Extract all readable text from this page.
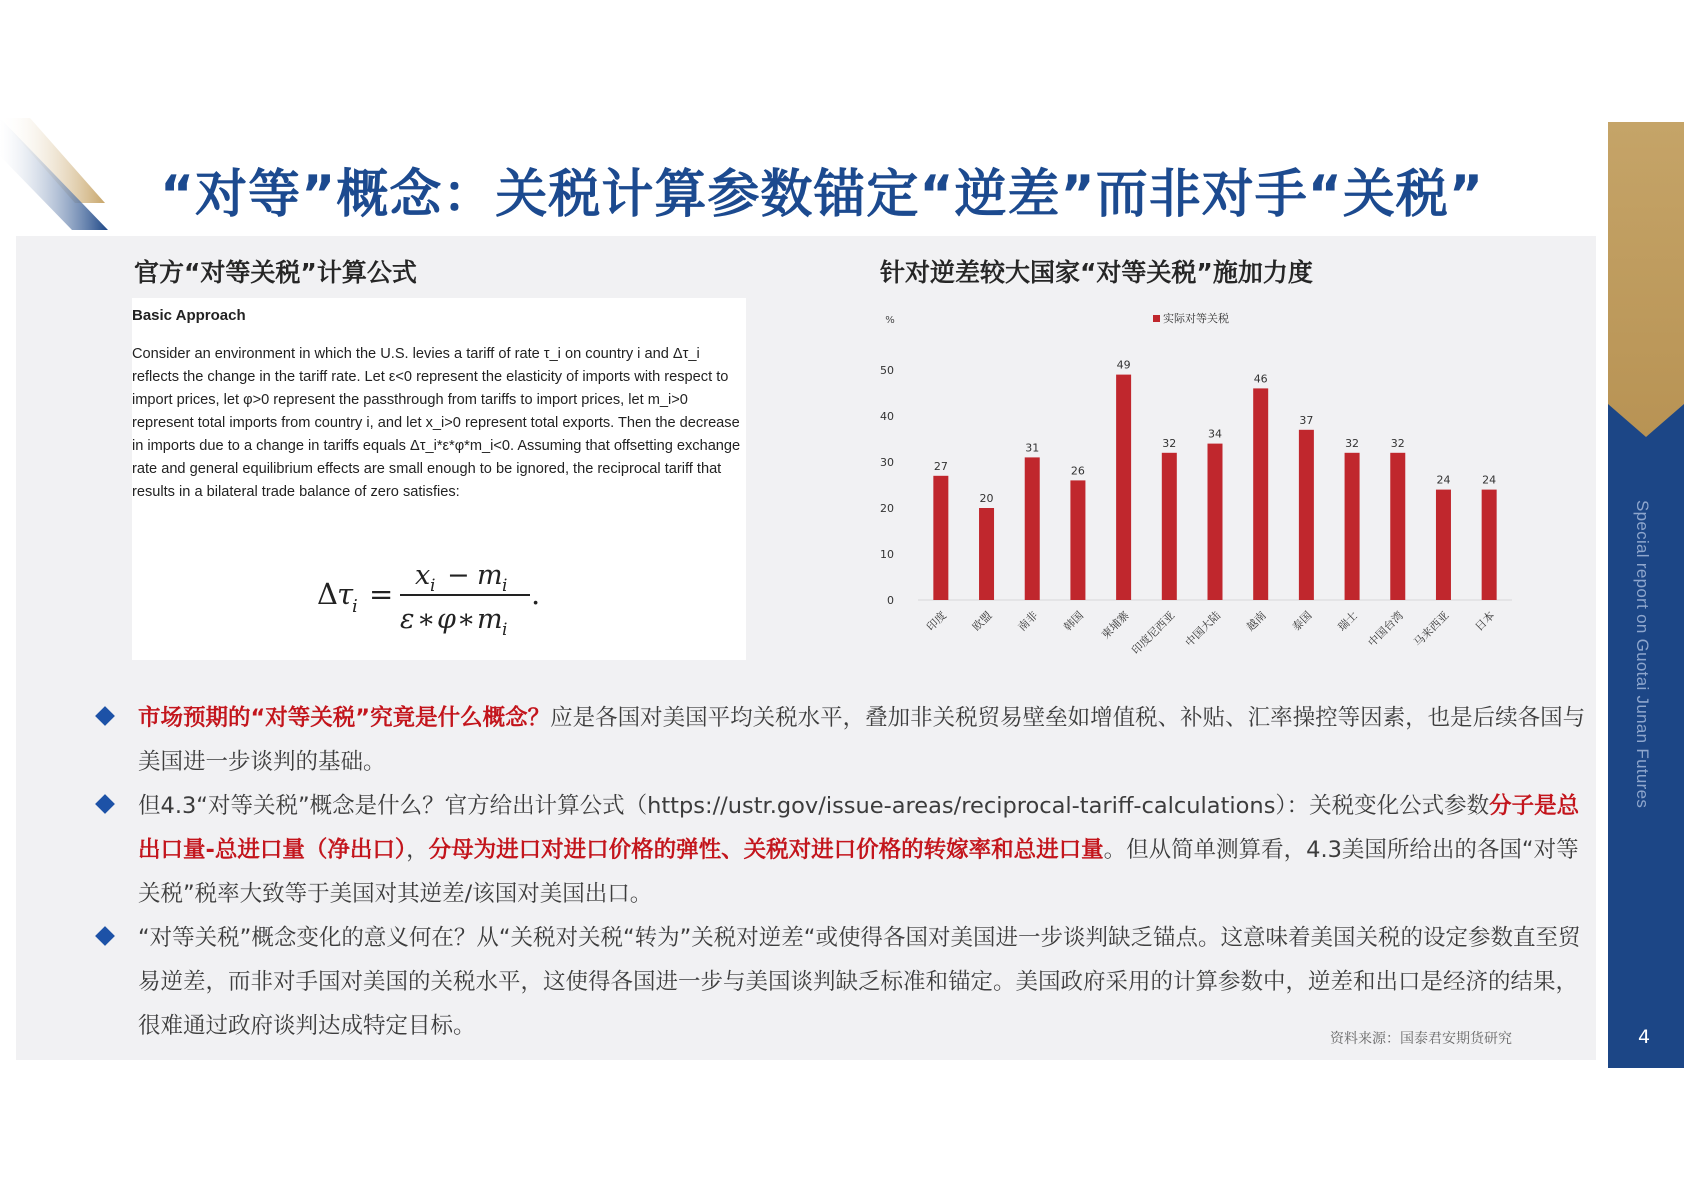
“对等”概念：关税计算参数锚定“逆差”而非对手“关税”
Special report on Guotai Junan Futures
4
官方“对等关税”计算公式	针对逆差较大国家“对等关税”施加力度

Basic Approach

Consider an environment in which the U.S. levies a tariff of rate τ_i on country i and Δτ_i reflects the change in the tariff rate. Let ε<0 represent the elasticity of imports with respect to import prices, let φ>0 represent the passthrough from tariffs to import prices, let m_i>0 represent total imports from country i, and let x_i>0 represent total exports. Then the decrease in imports due to a change in tariffs equals Δτ_i*ε*φ*m_i<0. Assuming that offsetting exchange rate and general equilibrium effects are small enough to be ignored, the reciprocal tariff that results in a bilateral trade balance of zero satisfies:

Δ τ
i =
x i − m i
ε ∗ φ ∗ m i
.
%
0
10
20
30
40
50
实际对等关税
27
印度
20
欧盟
31
南非
26
韩国
49
柬埔寨
32
印度尼西亚
34
中国大陆
46
越南
37
泰国
32
瑞士
32
中国台湾
24
马来西亚
24
日本
市场预期的“对等关税”究竟是什么概念？应是各国对美国平均关税水平，叠加非关税贸易壁垒如增值税、补贴、汇率操控等因素，也是后续各国与美国进一步谈判的基础。
但4.3“对等关税”概念是什么？官方给出计算公式（https://ustr.gov/issue-areas/reciprocal-tariff-calculations）：关税变化公式参数分子是总出口量-总进口量（净出口），分母为进口对进口价格的弹性、关税对进口价格的转嫁率和总进口量。但从简单测算看，4.3美国所给出的各国“对等关税”税率大致等于美国对其逆差/该国对美国出口。
“对等关税”概念变化的意义何在？从“关税对关税“转为”关税对逆差“或使得各国对美国进一步谈判缺乏锚点。这意味着美国关税的设定参数直至贸易逆差，而非对手国对美国的关税水平，这使得各国进一步与美国谈判缺乏标准和锚定。美国政府采用的计算参数中，逆差和出口是经济的结果，很难通过政府谈判达成特定目标。	资料来源：国泰君安期货研究
